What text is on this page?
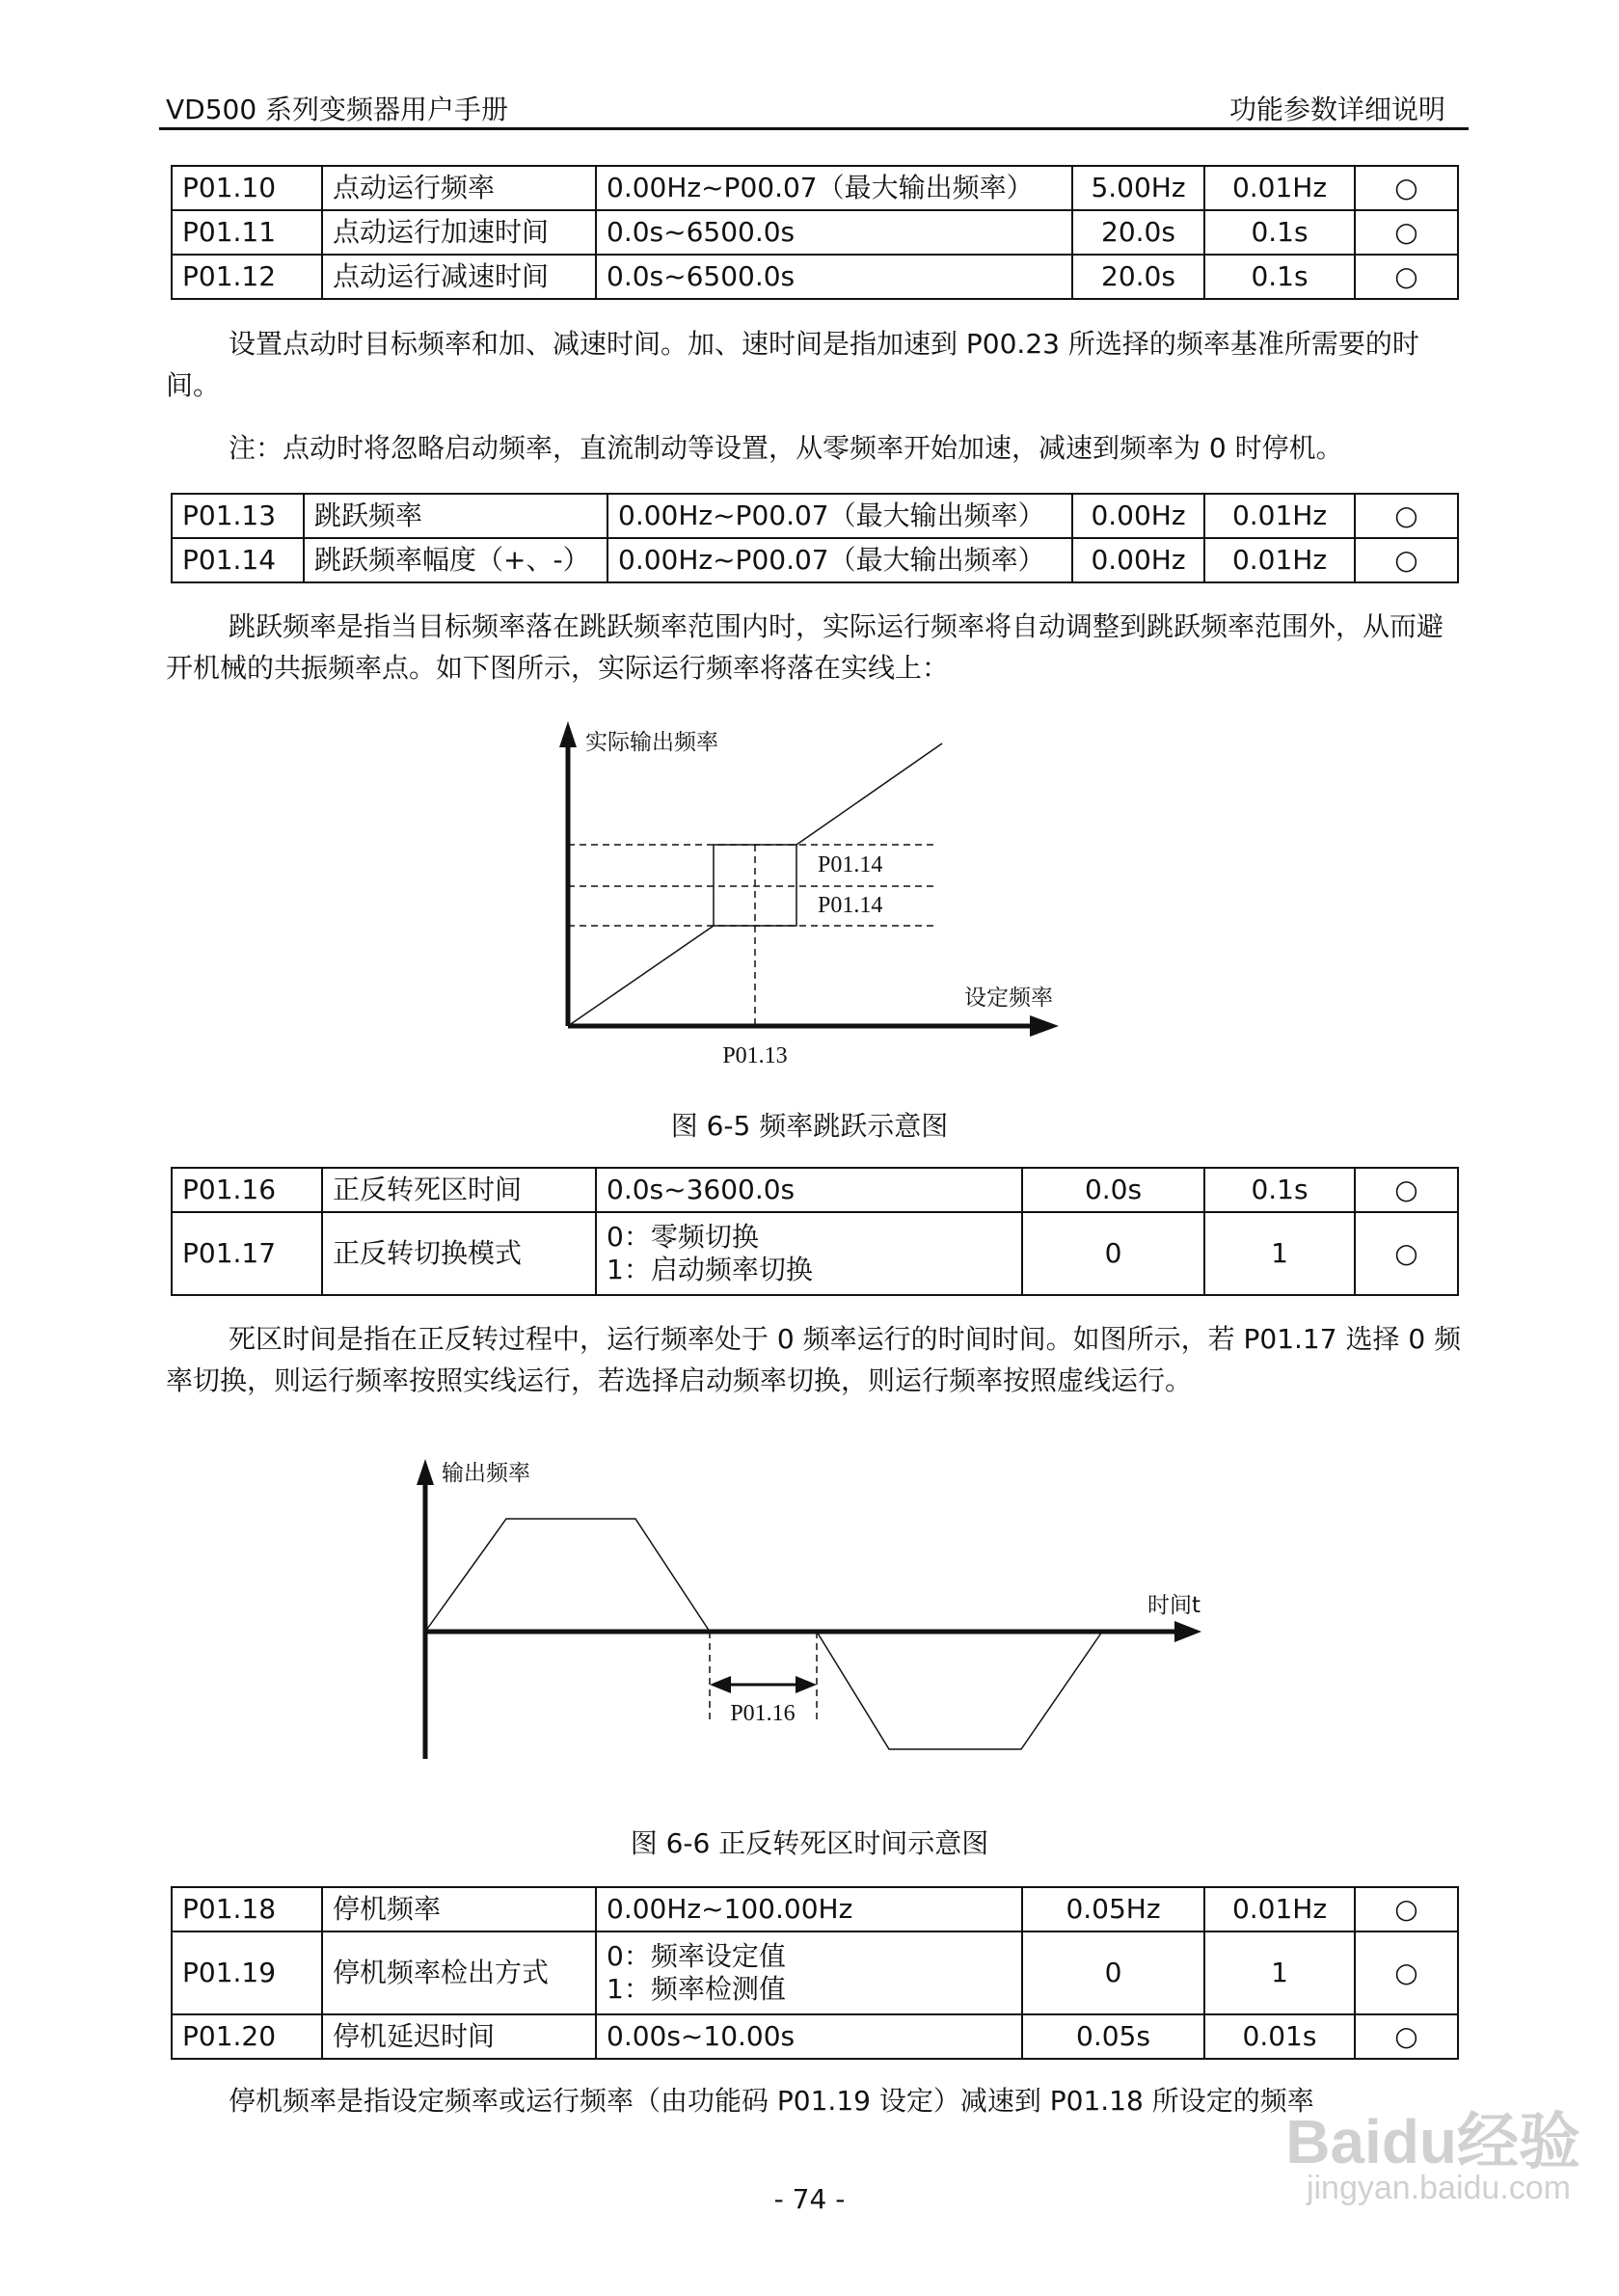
VD500 系列变频器用户手册	功能参数详细说明
P01.10	点动运行频率	0.00Hz~P00.07（最大输出频率）	5.00Hz	0.01Hz	○
P01.11	点动运行加速时间	0.0s~6500.0s	20.0s	0.1s	○
P01.12	点动运行减速时间	0.0s~6500.0s	20.0s	0.1s	○

设置点动时目标频率和加、减速时间。加、速时间是指加速到 P00.23 所选择的频率基准所需要的时间。

注：点动时将忽略启动频率，直流制动等设置，从零频率开始加速，减速到频率为 0 时停机。

P01.13	跳跃频率	0.00Hz~P00.07（最大输出频率）	0.00Hz	0.01Hz	○
P01.14	跳跃频率幅度（+、-）	0.00Hz~P00.07（最大输出频率）	0.00Hz	0.01Hz	○

跳跃频率是指当目标频率落在跳跃频率范围内时，实际运行频率将自动调整到跳跃频率范围外，从而避开机械的共振频率点。如下图所示，实际运行频率将落在实线上：

实际输出频率
设定频率
P01.14
P01.14
P01.13
输出频率
时间t
P01.16
图 6-5 频率跳跃示意图
P01.16	正反转死区时间	0.0s~3600.0s	0.0s	0.1s	○
P01.17	正反转切换模式	0：零频切换
1：启动频率切换	0	1	○

死区时间是指在正反转过程中，运行频率处于 0 频率运行的时间时间。如图所示，若 P01.17 选择 0 频率切换，则运行频率按照实线运行，若选择启动频率切换，则运行频率按照虚线运行。

图 6-6 正反转死区时间示意图
P01.18	停机频率	0.00Hz~100.00Hz	0.05Hz	0.01Hz	○
P01.19	停机频率检出方式	0：频率设定值
1：频率检测值	0	1	○
P01.20	停机延迟时间	0.00s~10.00s	0.05s	0.01s	○

停机频率是指设定频率或运行频率（由功能码 P01.19 设定）减速到 P01.18 所设定的频率

- 74 -
Baidu经验
jingyan.baidu.com
